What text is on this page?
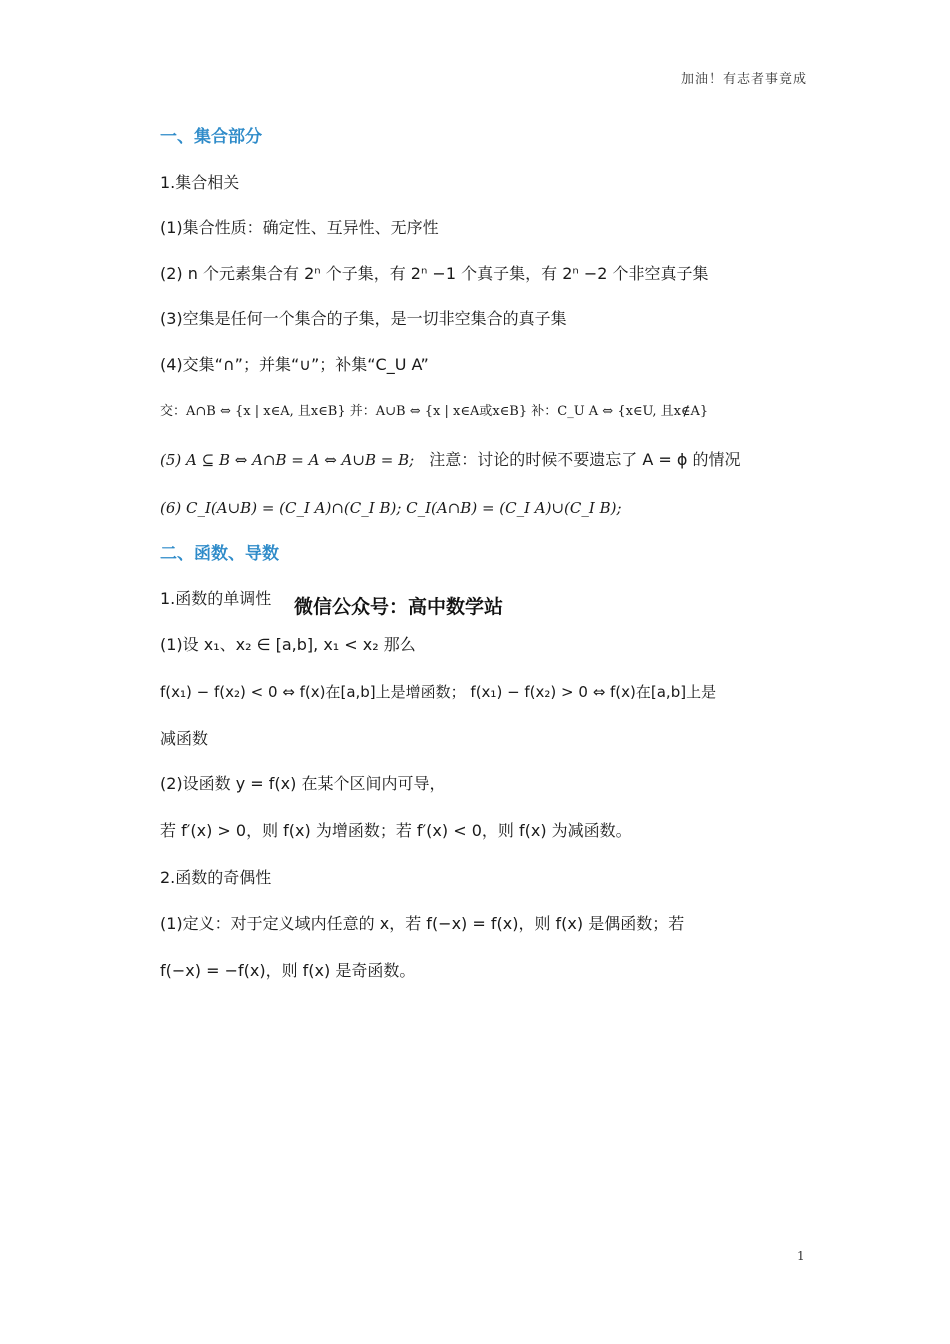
加油！有志者事竟成
一、集合部分
1.集合相关
(1)集合性质：确定性、互异性、无序性
(2) n 个元素集合有 2ⁿ 个子集，有 2ⁿ −1 个真子集，有 2ⁿ −2 个非空真子集
(3)空集是任何一个集合的子集，是一切非空集合的真子集
(4)交集“∩”；并集“∪”；补集“C_U A”
交：A∩B ⇔ {x | x∈A, 且x∈B} 并：A∪B ⇔ {x | x∈A或x∈B} 补：C_U A ⇔ {x∈U, 且x∉A}
(5) A ⊆ B ⇔ A∩B = A ⇔ A∪B = B; 注意：讨论的时候不要遗忘了 A = ϕ 的情况
(6) C_I(A∪B) = (C_I A)∩(C_I B); C_I(A∩B) = (C_I A)∪(C_I B);
二、函数、导数
1.函数的单调性 微信公众号：高中数学站
(1)设 x₁、x₂ ∈ [a,b], x₁ < x₂ 那么
f(x₁) − f(x₂) < 0 ⇔ f(x)在[a,b]上是增函数； f(x₁) − f(x₂) > 0 ⇔ f(x)在[a,b]上是
减函数
(2)设函数 y = f(x) 在某个区间内可导，
若 f′(x) > 0，则 f(x) 为增函数；若 f′(x) < 0，则 f(x) 为减函数。
2.函数的奇偶性
(1)定义：对于定义域内任意的 x，若 f(−x) = f(x)，则 f(x) 是偶函数；若
f(−x) = −f(x)，则 f(x) 是奇函数。
1
